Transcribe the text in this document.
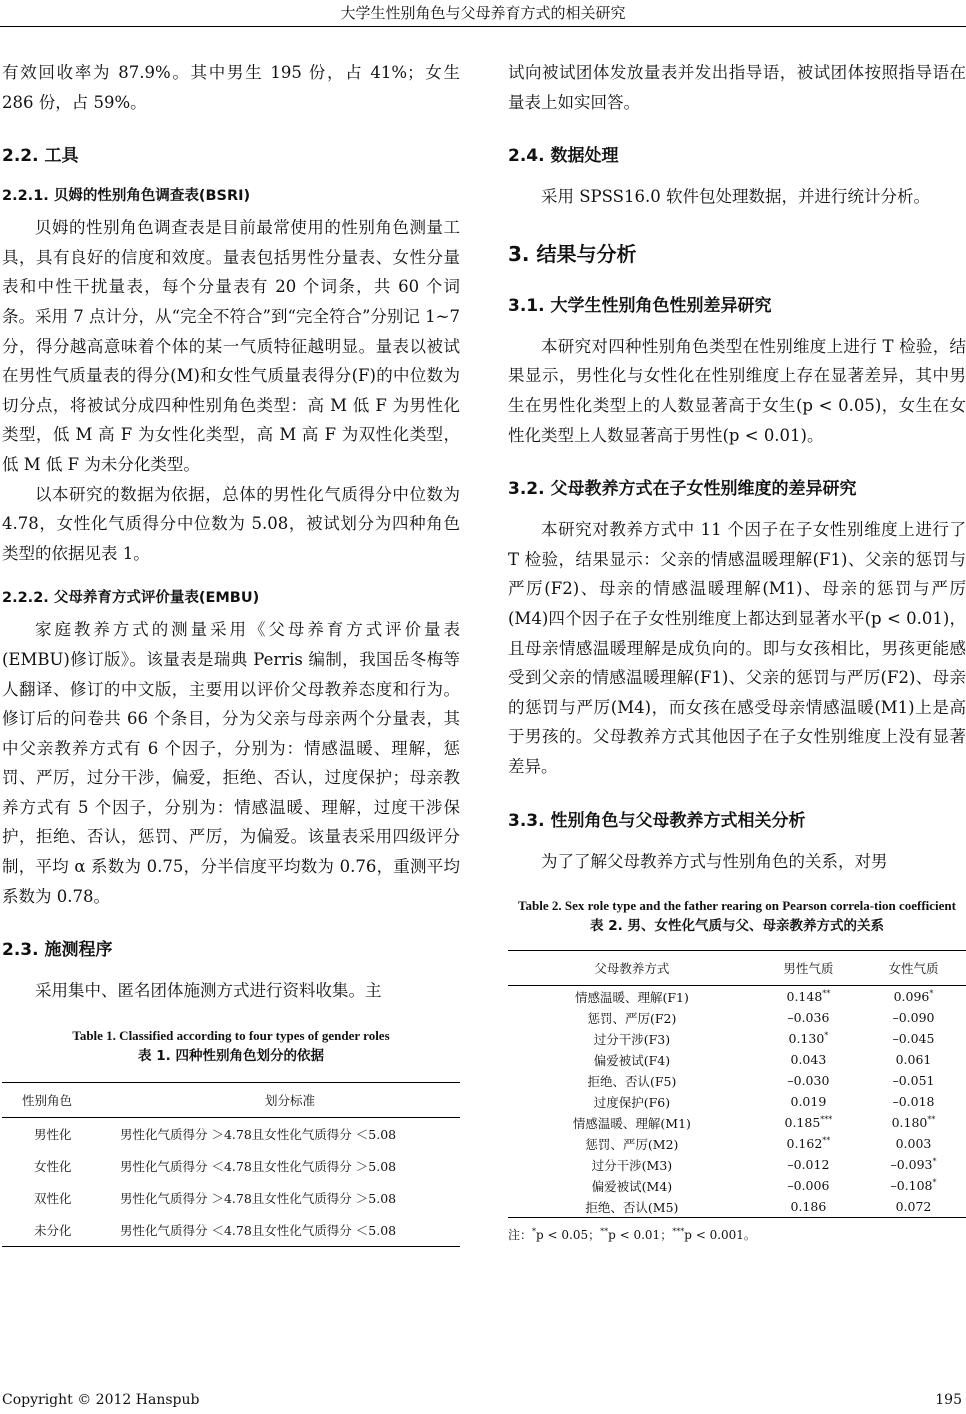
大学生性别角色与父母养育方式的相关研究

有效回收率为 87.9%。其中男生 195 份，占 41%；女生 286 份，占 59%。

2.2. 工具
2.2.1. 贝姆的性别角色调查表(BSRI)

贝姆的性别角色调查表是目前最常使用的性别角色测量工具，具有良好的信度和效度。量表包括男性分量表、女性分量表和中性干扰量表，每个分量表有 20 个词条，共 60 个词条。采用 7 点计分，从“完全不符合”到“完全符合”分别记 1~7 分，得分越高意味着个体的某一气质特征越明显。量表以被试在男性气质量表的得分(M)和女性气质量表得分(F)的中位数为切分点，将被试分成四种性别角色类型：高 M 低 F 为男性化类型，低 M 高 F 为女性化类型，高 M 高 F 为双性化类型，低 M 低 F 为未分化类型。

以本研究的数据为依据，总体的男性化气质得分中位数为 4.78，女性化气质得分中位数为 5.08，被试划分为四种角色类型的依据见表 1。

2.2.2. 父母养育方式评价量表(EMBU)

家庭教养方式的测量采用《父母养育方式评价量表(EMBU)修订版》。该量表是瑞典 Perris 编制，我国岳冬梅等人翻译、修订的中文版，主要用以评价父母教养态度和行为。修订后的问卷共 66 个条目，分为父亲与母亲两个分量表，其中父亲教养方式有 6 个因子，分别为：情感温暖、理解，惩罚、严厉，过分干涉，偏爱，拒绝、否认，过度保护；母亲教养方式有 5 个因子，分别为：情感温暖、理解，过度干涉保护，拒绝、否认，惩罚、严厉，为偏爱。该量表采用四级评分制，平均 α 系数为 0.75，分半信度平均数为 0.76，重测平均系数为 0.78。

2.3. 施测程序

采用集中、匿名团体施测方式进行资料收集。主

Table 1. Classified according to four types of gender roles
表 1. 四种性别角色划分的依据
性别角色	划分标准
男性化	男性化气质得分 ＞4.78且女性化气质得分 ＜5.08
女性化	男性化气质得分 ＜4.78且女性化气质得分 ＞5.08
双性化	男性化气质得分 ＞4.78且女性化气质得分 ＞5.08
未分化	男性化气质得分 ＜4.78且女性化气质得分 ＜5.08

试向被试团体发放量表并发出指导语，被试团体按照指导语在量表上如实回答。

2.4. 数据处理

采用 SPSS16.0 软件包处理数据，并进行统计分析。

3. 结果与分析
3.1. 大学生性别角色性别差异研究

本研究对四种性别角色类型在性别维度上进行 T 检验，结果显示，男性化与女性化在性别维度上存在显著差异，其中男生在男性化类型上的人数显著高于女生(p < 0.05)，女生在女性化类型上人数显著高于男性(p < 0.01)。

3.2. 父母教养方式在子女性别维度的差异研究

本研究对教养方式中 11 个因子在子女性别维度上进行了 T 检验，结果显示：父亲的情感温暖理解(F1)、父亲的惩罚与严厉(F2)、母亲的情感温暖理解(M1)、母亲的惩罚与严厉(M4)四个因子在子女性别维度上都达到显著水平(p < 0.01)，且母亲情感温暖理解是成负向的。即与女孩相比，男孩更能感受到父亲的情感温暖理解(F1)、父亲的惩罚与严厉(F2)、母亲的惩罚与严厉(M4)，而女孩在感受母亲情感温暖(M1)上是高于男孩的。父母教养方式其他因子在子女性别维度上没有显著差异。

3.3. 性别角色与父母教养方式相关分析

为了了解父母教养方式与性别角色的关系，对男

Table 2. Sex role type and the father rearing on Pearson correla-tion coefficient
表 2. 男、女性化气质与父、母亲教养方式的关系
父母教养方式	男性气质	女性气质
情感温暖、理解(F1)	0.148**	0.096*
惩罚、严厉(F2)	–0.036	–0.090
过分干涉(F3)	0.130*	–0.045
偏爱被试(F4)	0.043	0.061
拒绝、否认(F5)	–0.030	–0.051
过度保护(F6)	0.019	–0.018
情感温暖、理解(M1)	0.185***	0.180**
惩罚、严厉(M2)	0.162**	0.003
过分干涉(M3)	–0.012	–0.093*
偏爱被试(M4)	–0.006	–0.108*
拒绝、否认(M5)	0.186	0.072
注：*p < 0.05；**p < 0.01；***p < 0.001。
Copyright © 2012 Hanspub	195
